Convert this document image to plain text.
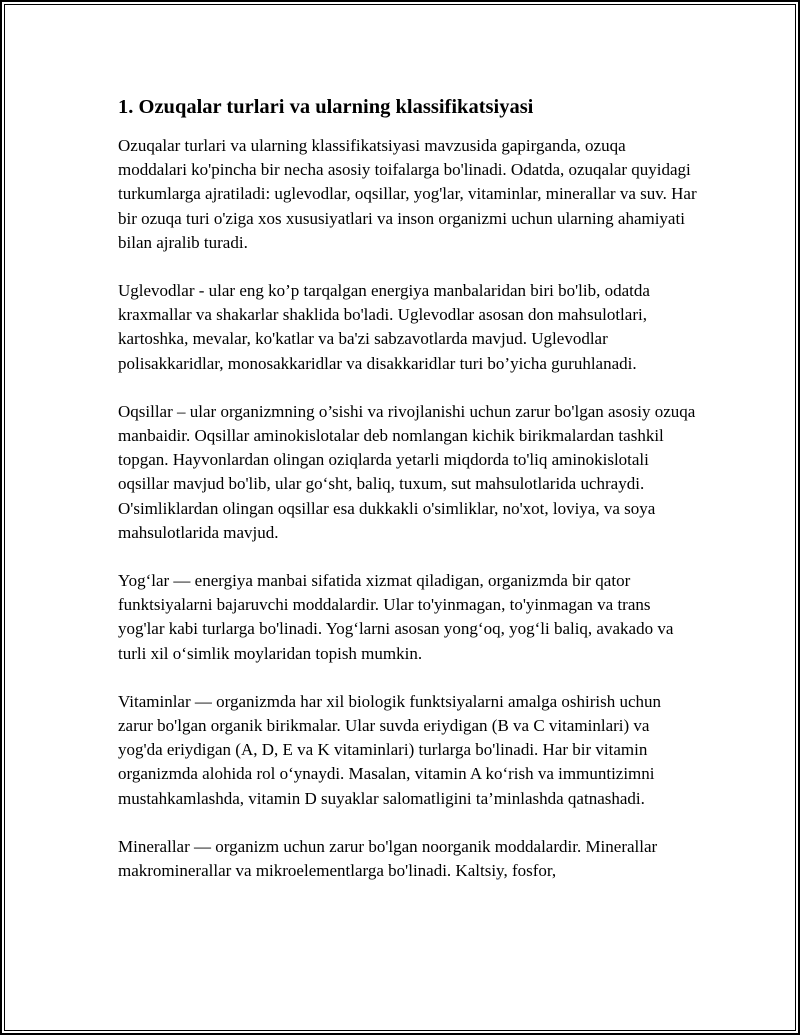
1. Ozuqalar turlari va ularning klassifikatsiyasi

Ozuqalar turlari va ularning klassifikatsiyasi mavzusida gapirganda, ozuqa moddalari ko'pincha bir necha asosiy toifalarga bo'linadi. Odatda, ozuqalar quyidagi turkumlarga ajratiladi: uglevodlar, oqsillar, yog'lar, vitaminlar, minerallar va suv. Har bir ozuqa turi o'ziga xos xususiyatlari va inson organizmi uchun ularning ahamiyati bilan ajralib turadi.

Uglevodlar - ular eng ko’p tarqalgan energiya manbalaridan biri bo'lib, odatda kraxmallar va shakarlar shaklida bo'ladi. Uglevodlar asosan don mahsulotlari, kartoshka, mevalar, ko'katlar va ba'zi sabzavotlarda mavjud. Uglevodlar polisakkaridlar, monosakkaridlar va disakkaridlar turi bo’yicha guruhlanadi.

Oqsillar – ular organizmning o’sishi va rivojlanishi uchun zarur bo'lgan asosiy ozuqa manbaidir. Oqsillar aminokislotalar deb nomlangan kichik birikmalardan tashkil topgan. Hayvonlardan olingan oziqlarda yetarli miqdorda to'liq aminokislotali oqsillar mavjud bo'lib, ular go‘sht, baliq, tuxum, sut mahsulotlarida uchraydi. O'simliklardan olingan oqsillar esa dukkakli o'simliklar, no'xot, loviya, va soya mahsulotlarida mavjud.

Yog‘lar — energiya manbai sifatida xizmat qiladigan, organizmda bir qator funktsiyalarni bajaruvchi moddalardir. Ular to'yinmagan, to'yinmagan va trans yog'lar kabi turlarga bo'linadi. Yog‘larni asosan yong‘oq, yog‘li baliq, avakado va turli xil o‘simlik moylaridan topish mumkin.

Vitaminlar — organizmda har xil biologik funktsiyalarni amalga oshirish uchun zarur bo'lgan organik birikmalar. Ular suvda eriydigan (B va C vitaminlari) va yog'da eriydigan (A, D, E va K vitaminlari) turlarga bo'linadi. Har bir vitamin organizmda alohida rol o‘ynaydi. Masalan, vitamin A ko‘rish va immuntizimni mustahkamlashda, vitamin D suyaklar salomatligini ta’minlashda qatnashadi.

Minerallar — organizm uchun zarur bo'lgan noorganik moddalardir. Minerallar makrominerallar va mikroelementlarga bo'linadi. Kaltsiy, fosfor,
